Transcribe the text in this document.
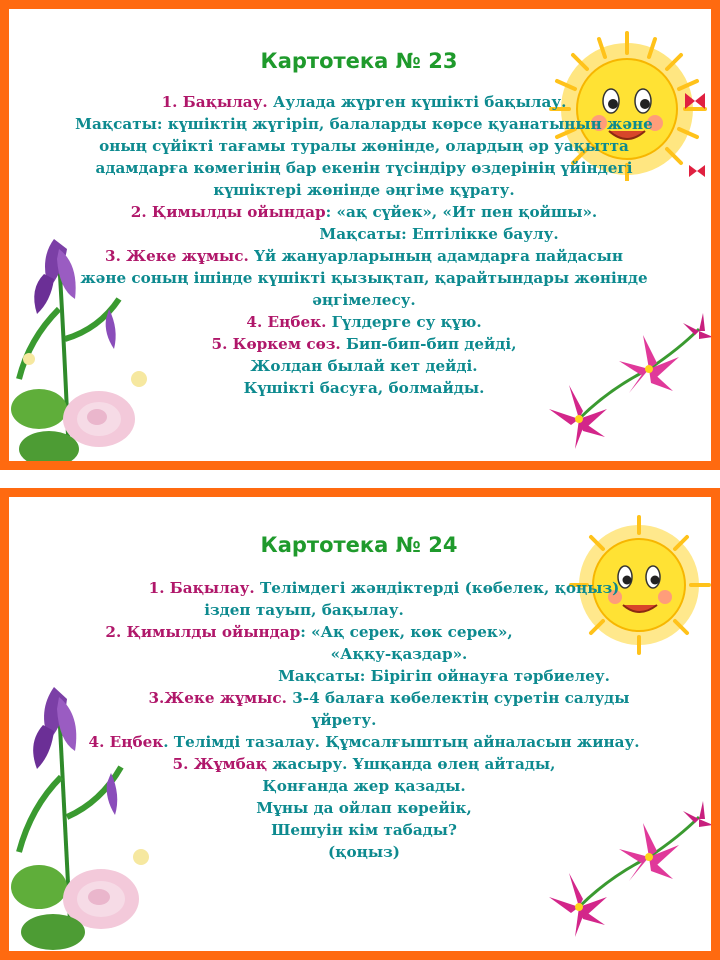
Картотека № 23
1. Бақылау. Аулада жүрген күшікті бақылау.
Мақсаты: күшіктің жүгіріп, балаларды көрсе қуанатынын және
оның сүйікті тағамы туралы жөнінде, олардың әр уақытта
адамдарға көмегінің бар екенін түсіндіру өздерінің үйіндегі
күшіктері жөнінде әңгіме құрату.
2. Қимылды ойындар: «ақ сүйек», «Ит пен қойшы».
Мақсаты: Ептілікке баулу.
3. Жеке жұмыс. Үй жануарларының адамдарға пайдасын
және соның ішінде күшікті қызықтап, қарайтындары жөнінде
әңгімелесу.
4. Еңбек. Гүлдерге су құю.
5. Көркем сөз. Бип-бип-бип дейді,
Жолдан былай кет дейді.
Күшікті басуға, болмайды.
Картотека № 24
1. Бақылау. Телімдегі жәндіктерді (көбелек, қоңыз)
іздеп тауып, бақылау.
2. Қимылды ойындар: «Ақ серек, көк серек»,
«Аққу-қаздар».
Мақсаты: Бірігіп ойнауға тәрбиелеу.
3.Жеке жұмыс. 3-4 балаға көбелектің суретін салуды
үйрету.
4. Еңбек. Телімді тазалау. Құмсалғыштың айналасын жинау.
5. Жұмбақ жасыру. Ұшқанда өлең айтады,
Қонғанда жер қазады.
Мұны да ойлап көрейік,
Шешуін кім табады?
(қоңыз)
